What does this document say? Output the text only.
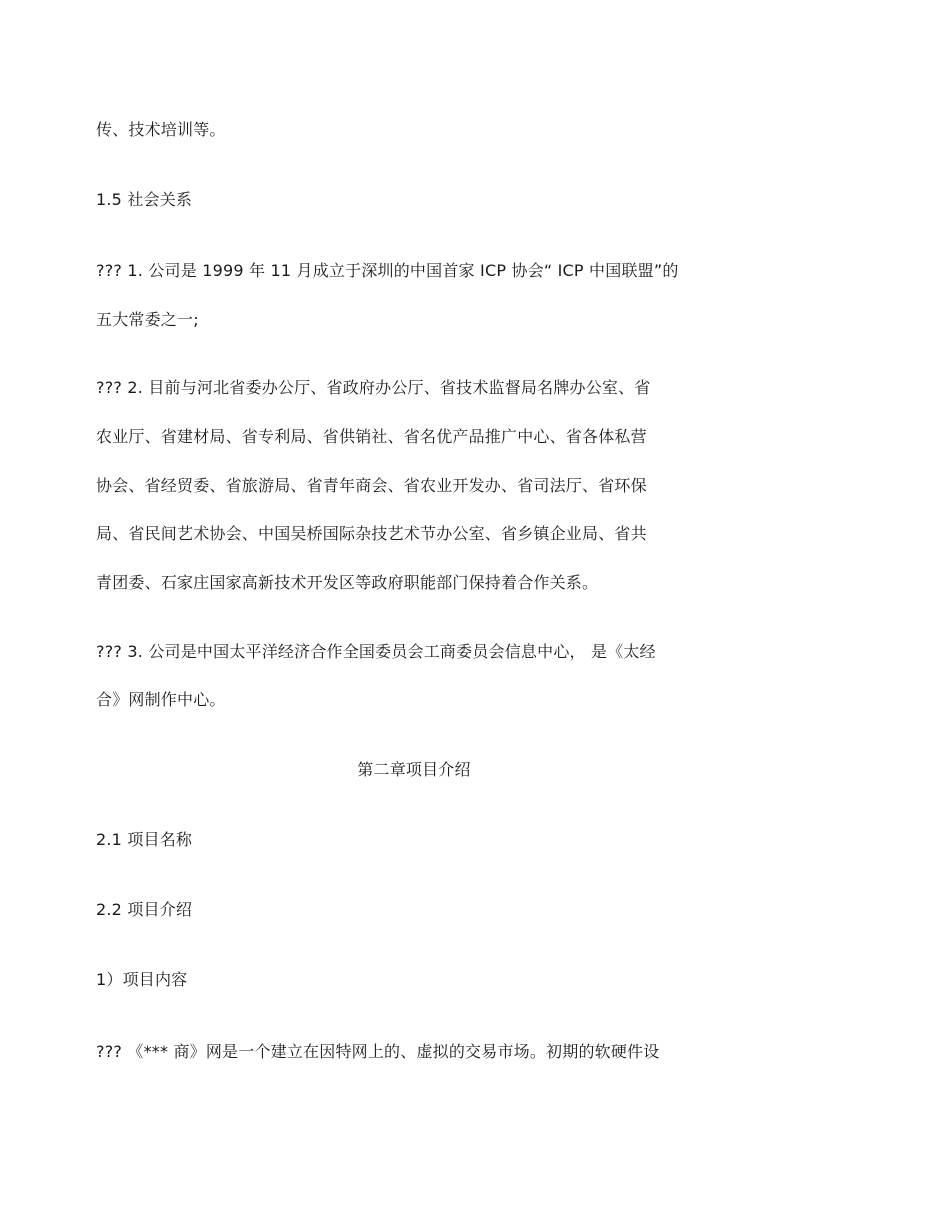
传、技术培训等。
1.5 社会关系
??? 1. 公司是 1999 年 11 月成立于深圳的中国首家 ICP 协会“ ICP 中国联盟”的
五大常委之一;
??? 2. 目前与河北省委办公厅、省政府办公厅、省技术监督局名牌办公室、省
农业厅、省建材局、省专利局、省供销社、省名优产品推广中心、省各体私营
协会、省经贸委、省旅游局、省青年商会、省农业开发办、省司法厅、省环保
局、省民间艺术协会、中国吴桥国际杂技艺术节办公室、省乡镇企业局、省共
青团委、石家庄国家高新技术开发区等政府职能部门保持着合作关系。
??? 3. 公司是中国太平洋经济合作全国委员会工商委员会信息中心， 是《太经
合》网制作中心。
第二章项目介绍
2.1 项目名称
2.2 项目介绍
1）项目内容
??? 《*** 商》网是一个建立在因特网上的、虚拟的交易市场。初期的软硬件设
